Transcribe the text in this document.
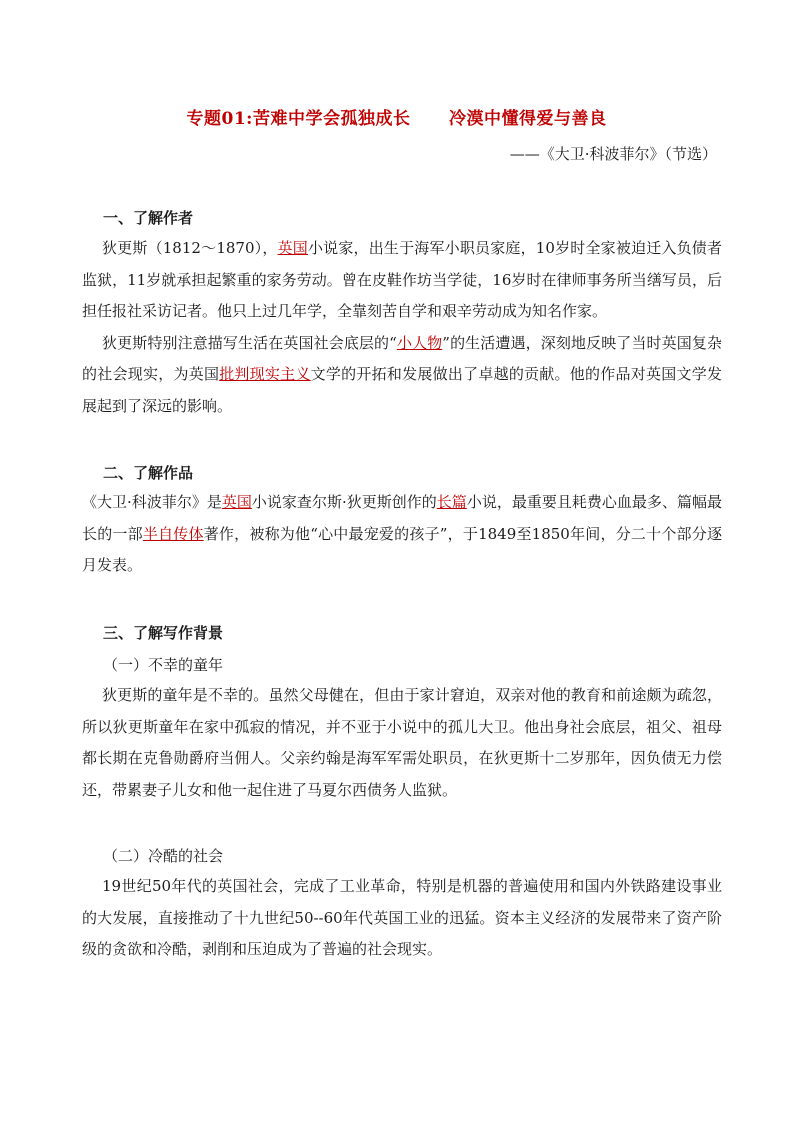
专题01:苦难中学会孤独成长      冷漠中懂得爱与善良
——《大卫·科波菲尔》（节选）
一、了解作者

狄更斯（1812～1870），英国小说家，出生于海军小职员家庭，10岁时全家被迫迁入负债者监狱，11岁就承担起繁重的家务劳动。曾在皮鞋作坊当学徒，16岁时在律师事务所当缮写员，后担任报社采访记者。他只上过几年学，全靠刻苦自学和艰辛劳动成为知名作家。

狄更斯特别注意描写生活在英国社会底层的“小人物”的生活遭遇，深刻地反映了当时英国复杂的社会现实，为英国批判现实主义文学的开拓和发展做出了卓越的贡献。他的作品对英国文学发展起到了深远的影响。

二、了解作品

《大卫·科波菲尔》是英国小说家查尔斯·狄更斯创作的长篇小说，最重要且耗费心血最多、篇幅最长的一部半自传体著作，被称为他“心中最宠爱的孩子”，于1849至1850年间，分二十个部分逐月发表。

三、了解写作背景
（一）不幸的童年

狄更斯的童年是不幸的。虽然父母健在，但由于家计窘迫，双亲对他的教育和前途颇为疏忽，所以狄更斯童年在家中孤寂的情况，并不亚于小说中的孤儿大卫。他出身社会底层，祖父、祖母都长期在克鲁勋爵府当佣人。父亲约翰是海军军需处职员，在狄更斯十二岁那年，因负债无力偿还，带累妻子儿女和他一起住进了马夏尔西债务人监狱。

（二）冷酷的社会

19世纪50年代的英国社会，完成了工业革命，特别是机器的普遍使用和国内外铁路建设事业的大发展，直接推动了十九世纪50--60年代英国工业的迅猛。资本主义经济的发展带来了资产阶级的贪欲和冷酷，剥削和压迫成为了普遍的社会现实。
